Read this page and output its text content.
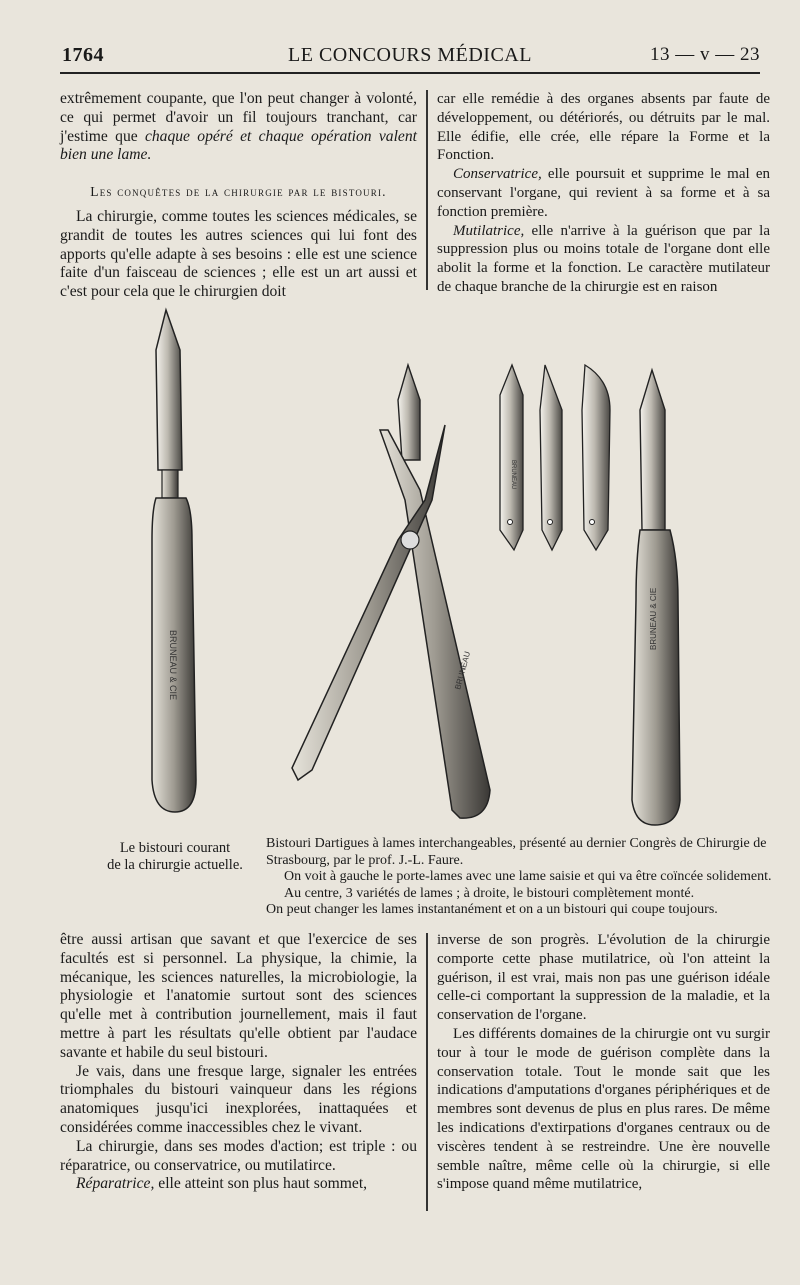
1764	LE CONCOURS MÉDICAL	13 — v — 23

extrêmement coupante, que l'on peut changer à volonté, ce qui permet d'avoir un fil toujours tranchant, car j'estime que chaque opéré et chaque opération valent bien une lame.

Les conquêtes de la chirurgie par le bistouri.

La chirurgie, comme toutes les sciences médicales, se grandit de toutes les autres sciences qui lui font des apports qu'elle adapte à ses besoins : elle est une science faite d'un faisceau de sciences ; elle est un art aussi et c'est pour cela que le chirurgien doit

car elle remédie à des organes absents par faute de développement, ou détériorés, ou détruits par le mal. Elle édifie, elle crée, elle répare la Forme et la Fonction.

Conservatrice, elle poursuit et supprime le mal en conservant l'organe, qui revient à sa forme et à sa fonction première.

Mutilatrice, elle n'arrive à la guérison que par la suppression plus ou moins totale de l'organe dont elle abolit la forme et la fonction. Le caractère mutilateur de chaque branche de la chirurgie est en raison

BRUNEAU & CIE	BRUNEAU
BRUNEAU
BRUNEAU & CIE
Le bistouri courant
de la chirurgie actuelle.
Bistouri Dartigues à lames interchangeables, présenté au dernier Congrès de Chirurgie de Strasbourg, par le prof. J.-L. Faure.
On voit à gauche le porte-lames avec une lame saisie et qui va être coïncée solidement.
Au centre, 3 variétés de lames ; à droite, le bistouri complètement monté.
On peut changer les lames instantanément et on a un bistouri qui coupe toujours.

être aussi artisan que savant et que l'exercice de ses facultés est si personnel. La physique, la chimie, la mécanique, les sciences naturelles, la microbiologie, la physiologie et l'anatomie surtout sont des sciences qu'elle met à contribution journellement, mais il faut mettre à part les résultats qu'elle obtient par l'audace savante et habile du seul bistouri.

Je vais, dans une fresque large, signaler les entrées triomphales du bistouri vainqueur dans les régions anatomiques jusqu'ici inexplorées, inattaquées et considérées comme inaccessibles chez le vivant.

La chirurgie, dans ses modes d'action; est triple : ou réparatrice, ou conservatrice, ou mutilatirce.

Réparatrice, elle atteint son plus haut sommet,

inverse de son progrès. L'évolution de la chirurgie comporte cette phase mutilatrice, où l'on atteint la guérison, il est vrai, mais non pas une guérison idéale celle-ci comportant la suppression de la maladie, et la conservation de l'organe.

Les différents domaines de la chirurgie ont vu surgir tour à tour le mode de guérison complète dans la conservation totale. Tout le monde sait que les indications d'amputations d'organes périphériques et de membres sont devenus de plus en plus rares. De même les indications d'extirpations d'organes centraux ou de viscères tendent à se restreindre. Une ère nouvelle semble naître, même celle où la chirurgie, si elle s'impose quand même mutilatrice,
